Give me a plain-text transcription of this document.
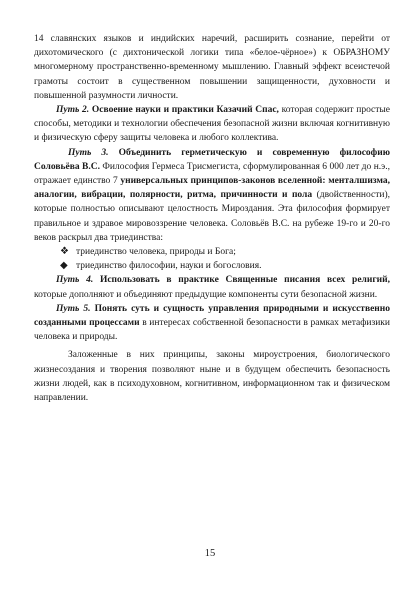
14 славянских языков и индийских наречий, расширить сознание, перейти от дихотомического (с дихтонической логики типа «белое-чёрное») к ОБРАЗНОМУ многомерному пространственно-временному мышлению. Главный эффект всеистечой грамоты состоит в существенном повышении защищенности, духовности и повышенной разумности личности.

Путь 2. Освоение науки и практики Казачий Спас, которая содержит простые способы, методики и технологии обеспечения безопасной жизни включая когнитивную и физическую сферу защиты человека и любого коллектива.

Путь 3. Объединить герметическую и современную философию Соловьёва В.С. Философия Гермеса Трисмегиста, сформулированная 6 000 лет до н.э., отражает единство 7 универсальных принципов-законов вселенной: менталшизма, аналогии, вибрации, полярности, ритма, причинности и пола (двойственности), которые полностью описывают целостность Мироздания. Эта философия формирует правильное и здравое мировоззрение человека. Соловьёв В.С. на рубеже 19-го и 20-го веков раскрыл два триединства:

❖ триединство человека, природы и Бога;
◆ триединство философии, науки и богословия.

Путь 4. Использовать в практике Священные писания всех религий, которые дополняют и объединяют предыдущие компоненты сути безопасной жизни.

Путь 5. Понять суть и сущность управления природными и искусственно созданными процессами в интересах собственной безопасности в рамках метафизики человека и природы.

Заложенные в них принципы, законы мироустроения, биологического жизнесоздания и творения позволяют ныне и в будущем обеспечить безопасность жизни людей, как в психодуховном, когнитивном, информационном так и физическом направлении.

15
